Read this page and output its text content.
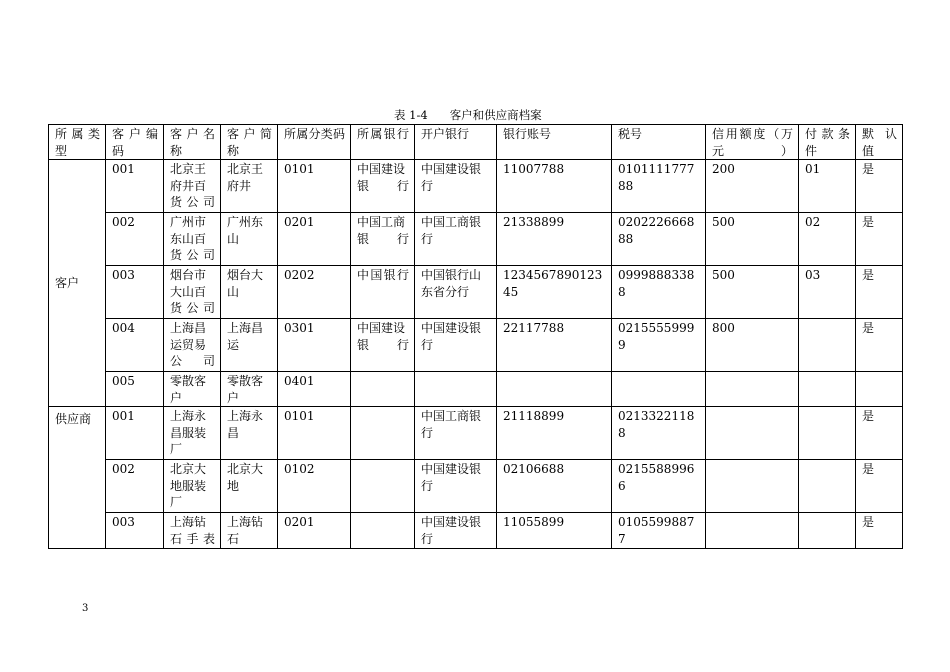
表 1-4 客户和供应商档案
所属类型	客户编码	客户名称	客户简称	所属分类码	所属银行	开户银行	银行账号	税号	信用额度（万元）	付款条件	默认值
客户	001	北京王府井百货公司	北京王府井	0101	中国建设银行	中国建设银行	11007788	010111177788	200	01	是
	002	广州市东山百货公司	广州东山	0201	中国工商银行	中国工商银行	21338899	020222666888	500	02	是
	003	烟台市大山百货公司	烟台大山	0202	中国银行	中国银行山东省分行	123456789012345	09998883388	500	03	是
	004	上海昌运贸易公司	上海昌运	0301	中国建设银行	中国建设银行	22117788	02155559999	800		是
	005	零散客户	零散客户	0401							
供应商	001	上海永昌服装厂	上海永昌	0101		中国工商银行	21118899	02133221188			是
	002	北京大地服装厂	北京大地	0102		中国建设银行	02106688	02155889966			是
	003	上海钻石手表	上海钻石	0201		中国建设银行	11055899	01055998877			是
3
